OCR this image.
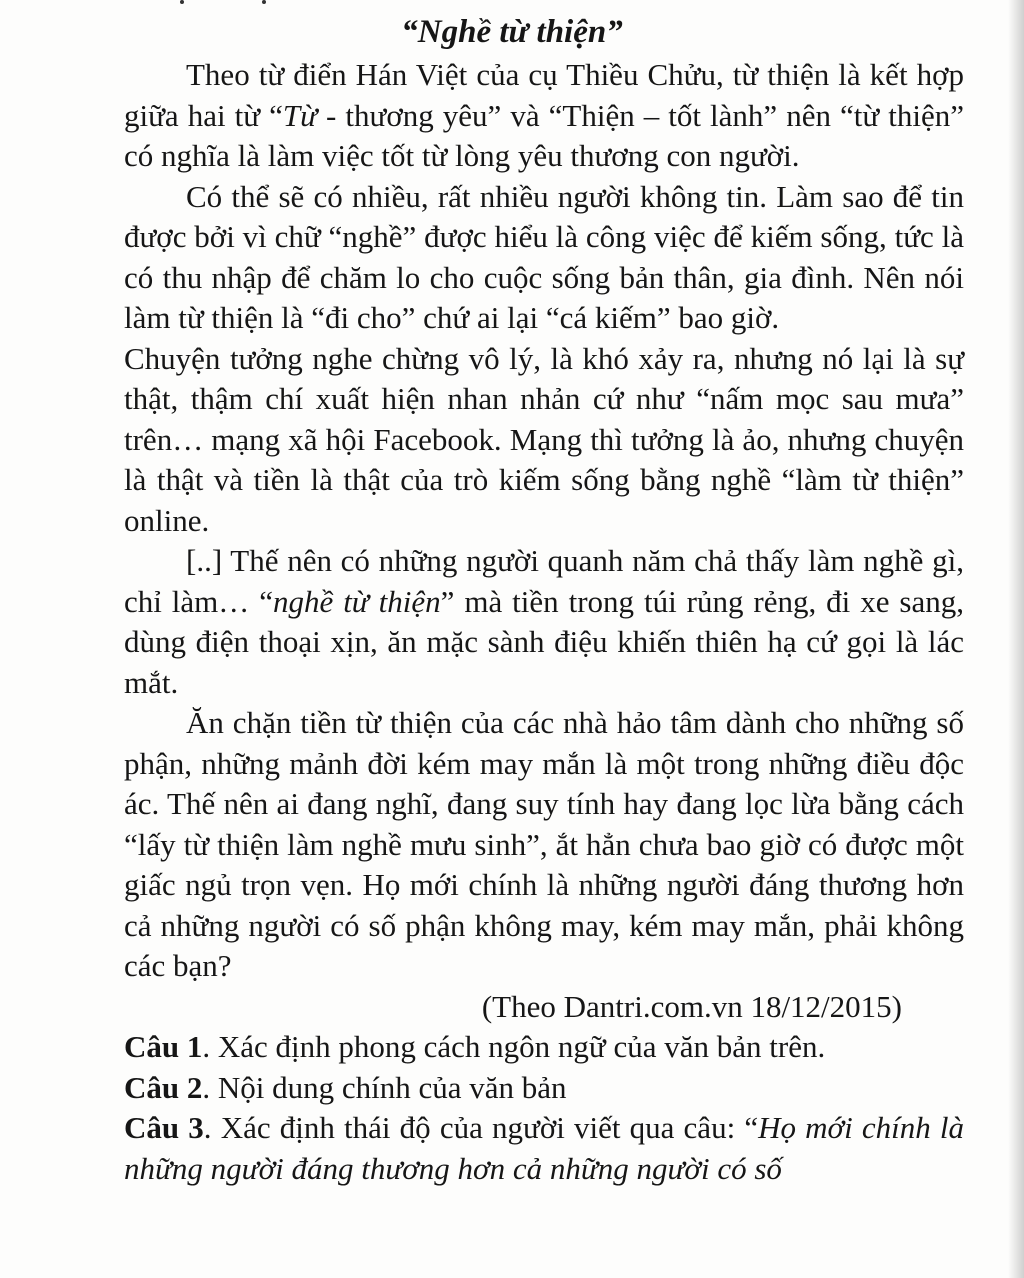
“Nghề từ thiện”

Theo từ điển Hán Việt của cụ Thiều Chửu, từ thiện là kết hợp giữa hai từ “Từ - thương yêu” và “Thiện – tốt lành” nên “từ thiện” có nghĩa là làm việc tốt từ lòng yêu thương con người.

Có thể sẽ có nhiều, rất nhiều người không tin. Làm sao để tin được bởi vì chữ “nghề” được hiểu là công việc để kiếm sống, tức là có thu nhập để chăm lo cho cuộc sống bản thân, gia đình. Nên nói làm từ thiện là “đi cho” chứ ai lại “cá kiếm” bao giờ.

Chuyện tưởng nghe chừng vô lý, là khó xảy ra, nhưng nó lại là sự thật, thậm chí xuất hiện nhan nhản cứ như “nấm mọc sau mưa” trên… mạng xã hội Facebook. Mạng thì tưởng là ảo, nhưng chuyện là thật và tiền là thật của trò kiếm sống bằng nghề “làm từ thiện” online.

[..] Thế nên có những người quanh năm chả thấy làm nghề gì, chỉ làm… “nghề từ thiện” mà tiền trong túi rủng rẻng, đi xe sang, dùng điện thoại xịn, ăn mặc sành điệu khiến thiên hạ cứ gọi là lác mắt.

Ăn chặn tiền từ thiện của các nhà hảo tâm dành cho những số phận, những mảnh đời kém may mắn là một trong những điều độc ác. Thế nên ai đang nghĩ, đang suy tính hay đang lọc lừa bằng cách “lấy từ thiện làm nghề mưu sinh”, ắt hẳn chưa bao giờ có được một giấc ngủ trọn vẹn. Họ mới chính là những người đáng thương hơn cả những người có số phận không may, kém may mắn, phải không các bạn?

(Theo Dantri.com.vn 18/12/2015)

Câu 1. Xác định phong cách ngôn ngữ của văn bản trên.

Câu 2. Nội dung chính của văn bản

Câu 3. Xác định thái độ của người viết qua câu: “Họ mới chính là những người đáng thương hơn cả những người có số
